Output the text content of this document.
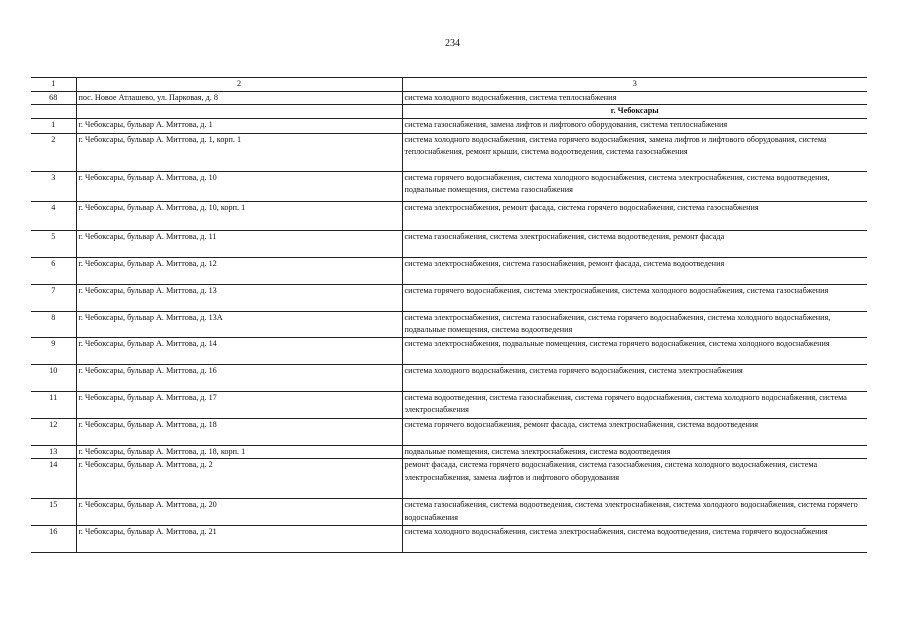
234
1	2	3
68	пос. Новое Атлашево, ул. Парковая, д. 8	система холодного водоснабжения, система теплоснабжения
		г. Чебоксары
1	г. Чебоксары, бульвар А. Миттова, д. 1	система газоснабжения, замена лифтов и лифтового оборудования, система теплоснабжения
2	г. Чебоксары, бульвар А. Миттова, д. 1, корп. 1	система холодного водоснабжения, система горячего водоснабжения, замена лифтов и лифтового оборудования, система теплоснабжения, ремонт крыши, система водоотведения, система газоснабжения
3	г. Чебоксары, бульвар А. Миттова, д. 10	система горячего водоснабжения, система холодного водоснабжения, система электроснабжения, система водоотведения, подвальные помещения, система газоснабжения
4	г. Чебоксары, бульвар А. Миттова, д. 10, корп. 1	система электроснабжения, ремонт фасада, система горячего водоснабжения, система газоснабжения
5	г. Чебоксары, бульвар А. Миттова, д. 11	система газоснабжения, система электроснабжения, система водоотведения, ремонт фасада
6	г. Чебоксары, бульвар А. Миттова, д. 12	система электроснабжения, система газоснабжения, ремонт фасада, система водоотведения
7	г. Чебоксары, бульвар А. Миттова, д. 13	система горячего водоснабжения, система электроснабжения, система холодного водоснабжения, система газоснабжения
8	г. Чебоксары, бульвар А. Миттова, д. 13А	система электроснабжения, система газоснабжения, система горячего водоснабжения, система холодного водоснабжения, подвальные помещения, система водоотведения
9	г. Чебоксары, бульвар А. Миттова, д. 14	система электроснабжения, подвальные помещения, система горячего водоснабжения, система холодного водоснабжения
10	г. Чебоксары, бульвар А. Миттова, д. 16	система холодного водоснабжения, система горячего водоснабжения, система электроснабжения
11	г. Чебоксары, бульвар А. Миттова, д. 17	система водоотведения, система газоснабжения, система горячего водоснабжения, система холодного водоснабжения, система электроснабжения
12	г. Чебоксары, бульвар А. Миттова, д. 18	система горячего водоснабжения, ремонт фасада, система электроснабжения, система водоотведения
13	г. Чебоксары, бульвар А. Миттова, д. 18, корп. 1	подвальные помещения, система электроснабжения, система водоотведения
14	г. Чебоксары, бульвар А. Миттова, д. 2	ремонт фасада, система горячего водоснабжения, система газоснабжения, система холодного водоснабжения, система электроснабжения, замена лифтов и лифтового оборудования
15	г. Чебоксары, бульвар А. Миттова, д. 20	система газоснабжения, система водоотведения, система электроснабжения, система холодного водоснабжения, система горячего водоснабжения
16	г. Чебоксары, бульвар А. Миттова, д. 21	система холодного водоснабжения, система электроснабжения, система водоотведения, система горячего водоснабжения
